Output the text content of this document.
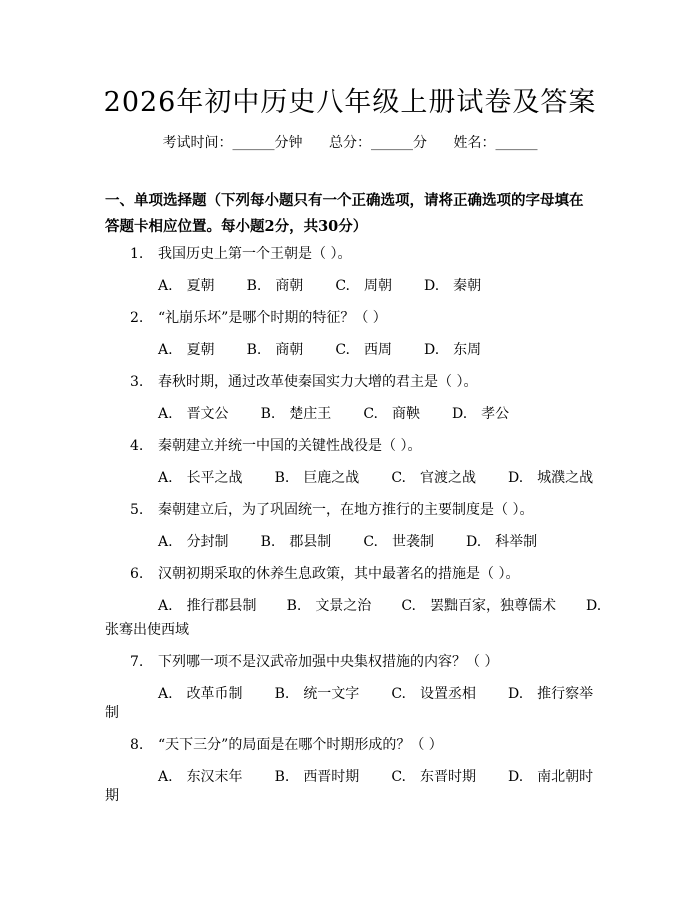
2026年初中历史八年级上册试卷及答案
考试时间：______分钟 总分：______分 姓名：______
一、单项选择题（下列每小题只有一个正确选项，请将正确选项的字母填在答题卡相应位置。每小题2分，共30分）
1. 我国历史上第一个王朝是（ ）。
A. 夏朝 B. 商朝 C. 周朝 D. 秦朝
2. “礼崩乐坏”是哪个时期的特征？（ ）
A. 夏朝 B. 商朝 C. 西周 D. 东周
3. 春秋时期，通过改革使秦国实力大增的君主是（ ）。
A. 晋文公 B. 楚庄王 C. 商鞅 D. 孝公
4. 秦朝建立并统一中国的关键性战役是（ ）。
A. 长平之战 B. 巨鹿之战 C. 官渡之战 D. 城濮之战
5. 秦朝建立后，为了巩固统一，在地方推行的主要制度是（ ）。
A. 分封制 B. 郡县制 C. 世袭制 D. 科举制
6. 汉朝初期采取的休养生息政策，其中最著名的措施是（ ）。
A. 推行郡县制 B. 文景之治 C. 罢黜百家，独尊儒术 D.
张骞出使西域
7. 下列哪一项不是汉武帝加强中央集权措施的内容？（ ）
A. 改革币制 B. 统一文字 C. 设置丞相 D. 推行察举
制
8. “天下三分”的局面是在哪个时期形成的？（ ）
A. 东汉末年 B. 西晋时期 C. 东晋时期 D. 南北朝时
期
